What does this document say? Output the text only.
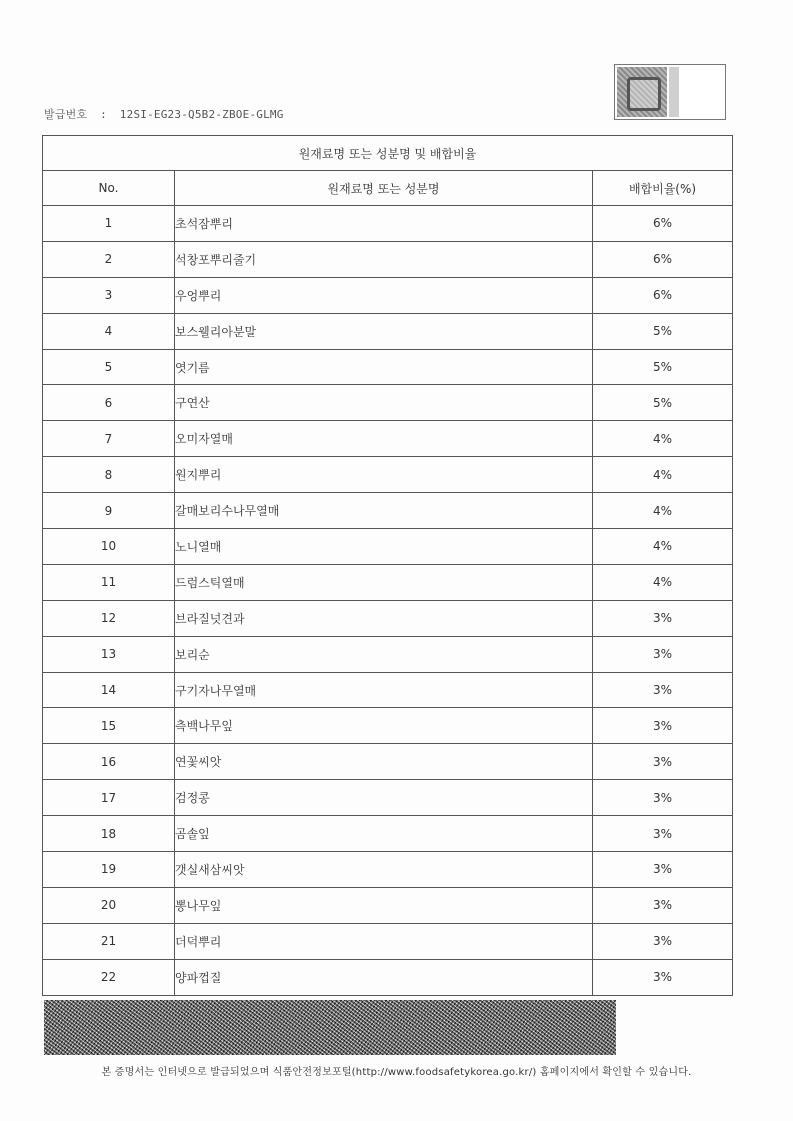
발급번호 : 12SI-EG23-Q5B2-ZBOE-GLMG
원재료명 또는 성분명 및 배합비율		
No.	원재료명 또는 성분명	배합비율(%)
1	초석잠뿌리	6%
2	석창포뿌리줄기	6%
3	우엉뿌리	6%
4	보스웰리아분말	5%
5	엿기름	5%
6	구연산	5%
7	오미자열매	4%
8	원지뿌리	4%
9	갈매보리수나무열매	4%
10	노니열매	4%
11	드럼스틱열매	4%
12	브라질넛견과	3%
13	보리순	3%
14	구기자나무열매	3%
15	측백나무잎	3%
16	연꽃씨앗	3%
17	검정콩	3%
18	곰솔잎	3%
19	갯실새삼씨앗	3%
20	뽕나무잎	3%
21	더덕뿌리	3%
22	양파껍질	3%
본 증명서는 인터넷으로 발급되었으며 식품안전정보포털(http://www.foodsafetykorea.go.kr/) 홈페이지에서 확인할 수 있습니다.
